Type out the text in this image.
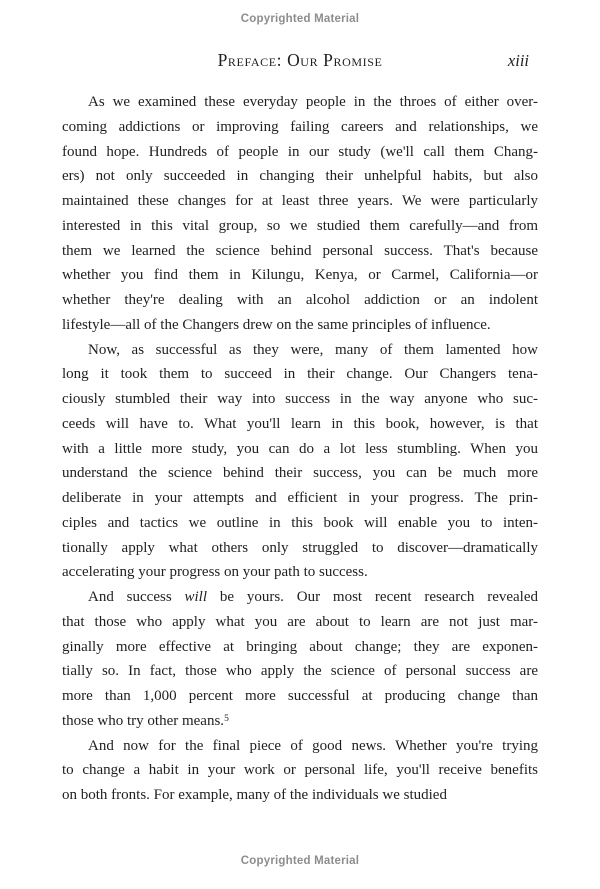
Copyrighted Material
Preface: Our Promise	xiii
As we examined these everyday people in the throes of either over-
coming addictions or improving failing careers and relationships, we
found hope. Hundreds of people in our study (we'll call them Chang-
ers) not only succeeded in changing their unhelpful habits, but also
maintained these changes for at least three years. We were particularly
interested in this vital group, so we studied them carefully—and from
them we learned the science behind personal success. That's because
whether you find them in Kilungu, Kenya, or Carmel, California—or
whether they're dealing with an alcohol addiction or an indolent
lifestyle—all of the Changers drew on the same principles of influence.
Now, as successful as they were, many of them lamented how
long it took them to succeed in their change. Our Changers tena-
ciously stumbled their way into success in the way anyone who suc-
ceeds will have to. What you'll learn in this book, however, is that
with a little more study, you can do a lot less stumbling. When you
understand the science behind their success, you can be much more
deliberate in your attempts and efficient in your progress. The prin-
ciples and tactics we outline in this book will enable you to inten-
tionally apply what others only struggled to discover—dramatically
accelerating your progress on your path to success.
And success will be yours. Our most recent research revealed
that those who apply what you are about to learn are not just mar-
ginally more effective at bringing about change; they are exponen-
tially so. In fact, those who apply the science of personal success are
more than 1,000 percent more successful at producing change than
those who try other means.$^5$
And now for the final piece of good news. Whether you're trying
to change a habit in your work or personal life, you'll receive benefits
on both fronts. For example, many of the individuals we studied
Copyrighted Material
